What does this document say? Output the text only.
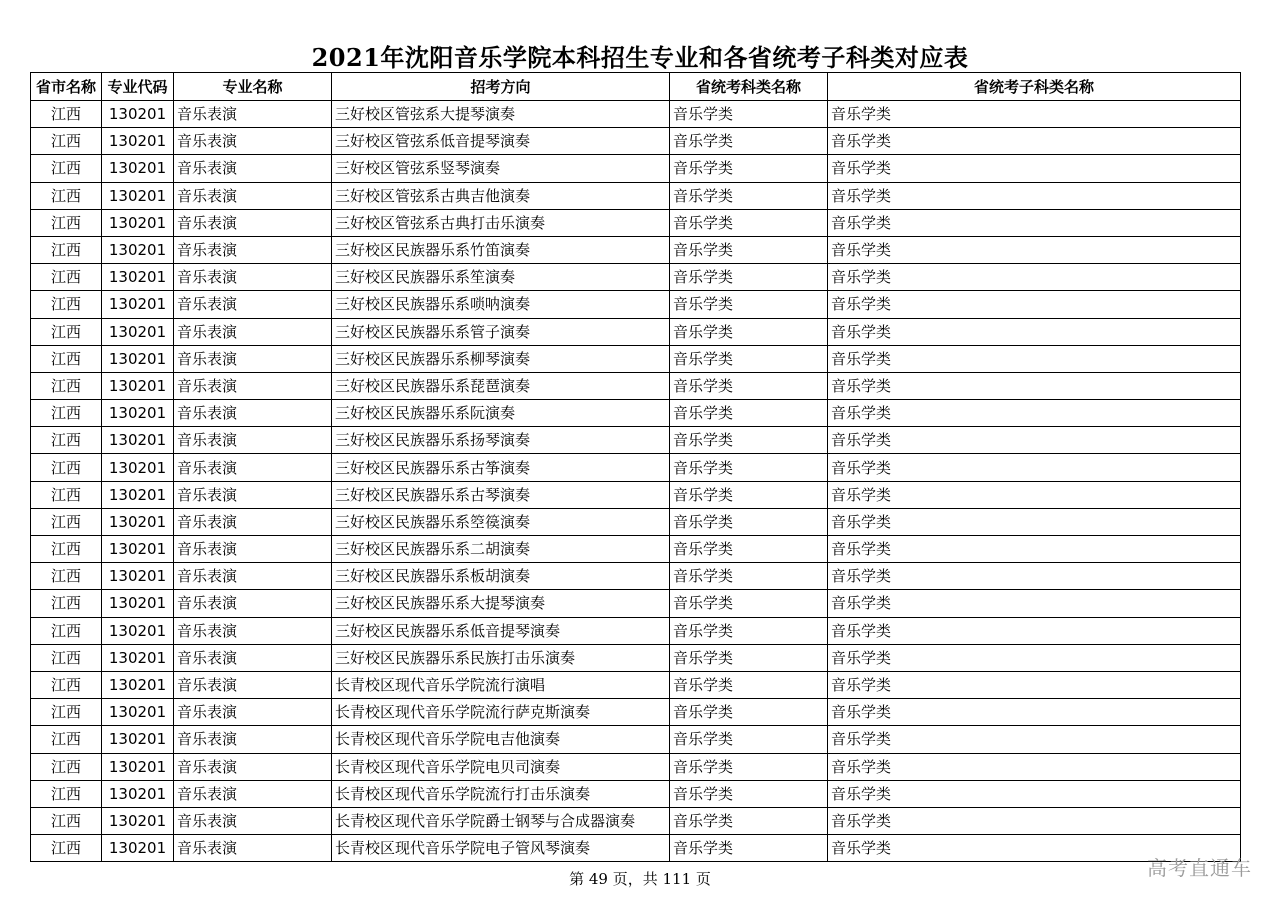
2021年沈阳音乐学院本科招生专业和各省统考子科类对应表
省市名称	专业代码	专业名称	招考方向	省统考科类名称	省统考子科类名称
江西	130201	音乐表演	三好校区管弦系大提琴演奏	音乐学类	音乐学类
江西	130201	音乐表演	三好校区管弦系低音提琴演奏	音乐学类	音乐学类
江西	130201	音乐表演	三好校区管弦系竖琴演奏	音乐学类	音乐学类
江西	130201	音乐表演	三好校区管弦系古典吉他演奏	音乐学类	音乐学类
江西	130201	音乐表演	三好校区管弦系古典打击乐演奏	音乐学类	音乐学类
江西	130201	音乐表演	三好校区民族器乐系竹笛演奏	音乐学类	音乐学类
江西	130201	音乐表演	三好校区民族器乐系笙演奏	音乐学类	音乐学类
江西	130201	音乐表演	三好校区民族器乐系唢呐演奏	音乐学类	音乐学类
江西	130201	音乐表演	三好校区民族器乐系管子演奏	音乐学类	音乐学类
江西	130201	音乐表演	三好校区民族器乐系柳琴演奏	音乐学类	音乐学类
江西	130201	音乐表演	三好校区民族器乐系琵琶演奏	音乐学类	音乐学类
江西	130201	音乐表演	三好校区民族器乐系阮演奏	音乐学类	音乐学类
江西	130201	音乐表演	三好校区民族器乐系扬琴演奏	音乐学类	音乐学类
江西	130201	音乐表演	三好校区民族器乐系古筝演奏	音乐学类	音乐学类
江西	130201	音乐表演	三好校区民族器乐系古琴演奏	音乐学类	音乐学类
江西	130201	音乐表演	三好校区民族器乐系箜篌演奏	音乐学类	音乐学类
江西	130201	音乐表演	三好校区民族器乐系二胡演奏	音乐学类	音乐学类
江西	130201	音乐表演	三好校区民族器乐系板胡演奏	音乐学类	音乐学类
江西	130201	音乐表演	三好校区民族器乐系大提琴演奏	音乐学类	音乐学类
江西	130201	音乐表演	三好校区民族器乐系低音提琴演奏	音乐学类	音乐学类
江西	130201	音乐表演	三好校区民族器乐系民族打击乐演奏	音乐学类	音乐学类
江西	130201	音乐表演	长青校区现代音乐学院流行演唱	音乐学类	音乐学类
江西	130201	音乐表演	长青校区现代音乐学院流行萨克斯演奏	音乐学类	音乐学类
江西	130201	音乐表演	长青校区现代音乐学院电吉他演奏	音乐学类	音乐学类
江西	130201	音乐表演	长青校区现代音乐学院电贝司演奏	音乐学类	音乐学类
江西	130201	音乐表演	长青校区现代音乐学院流行打击乐演奏	音乐学类	音乐学类
江西	130201	音乐表演	长青校区现代音乐学院爵士钢琴与合成器演奏	音乐学类	音乐学类
江西	130201	音乐表演	长青校区现代音乐学院电子管风琴演奏	音乐学类	音乐学类
第 49 页，共 111 页	高考直通车
